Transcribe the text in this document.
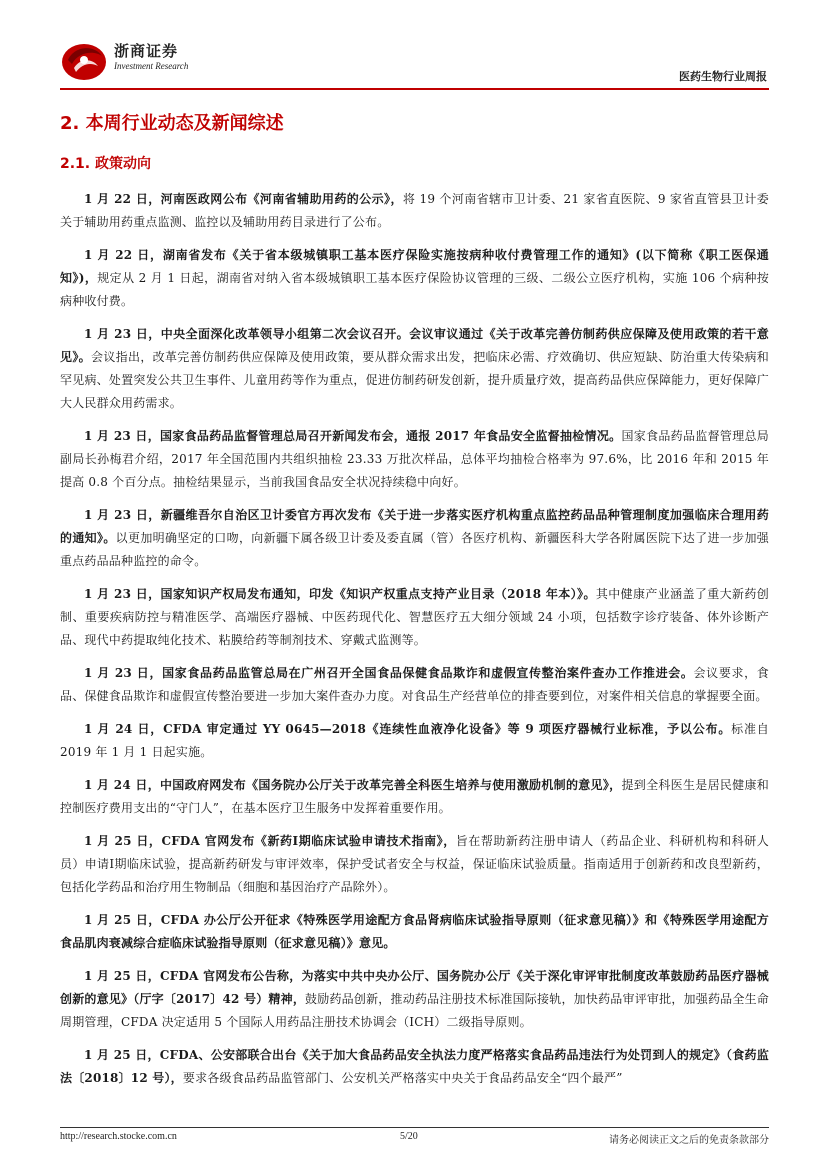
浙商证券
Investment Research
医药生物行业周报
2. 本周行业动态及新闻综述
2.1. 政策动向

1 月 22 日，河南医政网公布《河南省辅助用药的公示》，将 19 个河南省辖市卫计委、21 家省直医院、9 家省直管县卫计委关于辅助用药重点监测、监控以及辅助用药目录进行了公布。

1 月 22 日，湖南省发布《关于省本级城镇职工基本医疗保险实施按病种收付费管理工作的通知》(以下简称《职工医保通知》)，规定从 2 月 1 日起，湖南省对纳入省本级城镇职工基本医疗保险协议管理的三级、二级公立医疗机构，实施 106 个病种按病种收付费。

1 月 23 日，中央全面深化改革领导小组第二次会议召开。会议审议通过《关于改革完善仿制药供应保障及使用政策的若干意见》。会议指出，改革完善仿制药供应保障及使用政策，要从群众需求出发，把临床必需、疗效确切、供应短缺、防治重大传染病和罕见病、处置突发公共卫生事件、儿童用药等作为重点，促进仿制药研发创新，提升质量疗效，提高药品供应保障能力，更好保障广大人民群众用药需求。

1 月 23 日，国家食品药品监督管理总局召开新闻发布会，通报 2017 年食品安全监督抽检情况。国家食品药品监督管理总局副局长孙梅君介绍，2017 年全国范围内共组织抽检 23.33 万批次样品，总体平均抽检合格率为 97.6%，比 2016 年和 2015 年提高 0.8 个百分点。抽检结果显示，当前我国食品安全状况持续稳中向好。

1 月 23 日，新疆维吾尔自治区卫计委官方再次发布《关于进一步落实医疗机构重点监控药品品种管理制度加强临床合理用药的通知》。以更加明确坚定的口吻，向新疆下属各级卫计委及委直属（管）各医疗机构、新疆医科大学各附属医院下达了进一步加强重点药品品种监控的命令。

1 月 23 日，国家知识产权局发布通知，印发《知识产权重点支持产业目录（2018 年本）》。其中健康产业涵盖了重大新药创制、重要疾病防控与精准医学、高端医疗器械、中医药现代化、智慧医疗五大细分领域 24 小项，包括数字诊疗装备、体外诊断产品、现代中药提取纯化技术、粘膜给药等制剂技术、穿戴式监测等。

1 月 23 日，国家食品药品监管总局在广州召开全国食品保健食品欺诈和虚假宣传整治案件查办工作推进会。会议要求，食品、保健食品欺诈和虚假宣传整治要进一步加大案件查办力度。对食品生产经营单位的排查要到位，对案件相关信息的掌握要全面。

1 月 24 日，CFDA 审定通过 YY 0645—2018《连续性血液净化设备》等 9 项医疗器械行业标准，予以公布。标准自 2019 年 1 月 1 日起实施。

1 月 24 日，中国政府网发布《国务院办公厅关于改革完善全科医生培养与使用激励机制的意见》，提到全科医生是居民健康和控制医疗费用支出的“守门人”，在基本医疗卫生服务中发挥着重要作用。

1 月 25 日，CFDA 官网发布《新药Ⅰ期临床试验申请技术指南》，旨在帮助新药注册申请人（药品企业、科研机构和科研人员）申请Ⅰ期临床试验，提高新药研发与审评效率，保护受试者安全与权益，保证临床试验质量。指南适用于创新药和改良型新药，包括化学药品和治疗用生物制品（细胞和基因治疗产品除外）。

1 月 25 日，CFDA 办公厅公开征求《特殊医学用途配方食品肾病临床试验指导原则（征求意见稿）》和《特殊医学用途配方食品肌肉衰减综合症临床试验指导原则（征求意见稿）》意见。

1 月 25 日，CFDA 官网发布公告称，为落实中共中央办公厅、国务院办公厅《关于深化审评审批制度改革鼓励药品医疗器械创新的意见》（厅字〔2017〕42 号）精神，鼓励药品创新，推动药品注册技术标准国际接轨，加快药品审评审批，加强药品全生命周期管理，CFDA 决定适用 5 个国际人用药品注册技术协调会（ICH）二级指导原则。

1 月 25 日，CFDA、公安部联合出台《关于加大食品药品安全执法力度严格落实食品药品违法行为处罚到人的规定》（食药监法〔2018〕12 号），要求各级食品药品监管部门、公安机关严格落实中央关于食品药品安全“四个最严”

http://research.stocke.com.cn	5/20	请务必阅读正文之后的免责条款部分
